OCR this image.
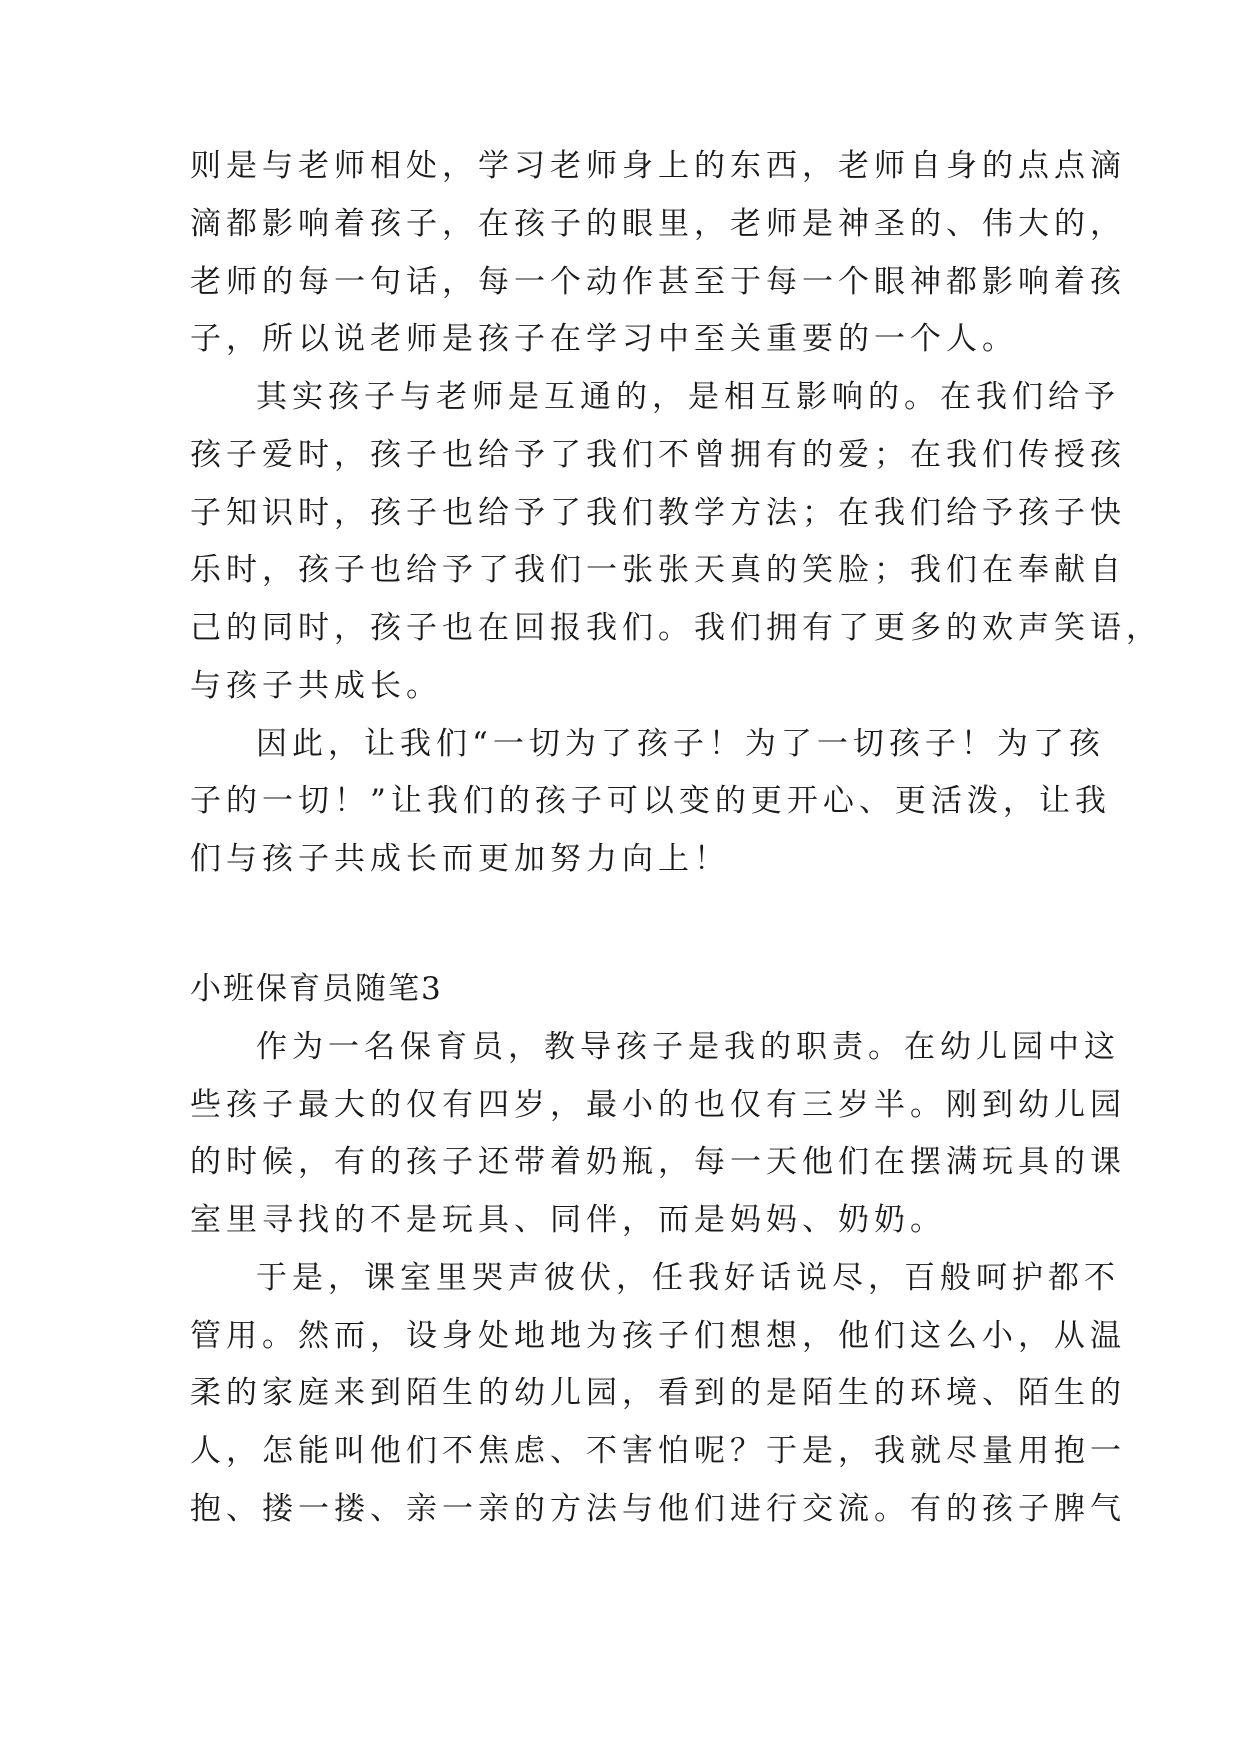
则是与老师相处，学习老师身上的东西，老师自身的点点滴
滴都影响着孩子，在孩子的眼里，老师是神圣的、伟大的，
老师的每一句话，每一个动作甚至于每一个眼神都影响着孩
子，所以说老师是孩子在学习中至关重要的一个人。
其实孩子与老师是互通的，是相互影响的。在我们给予
孩子爱时，孩子也给予了我们不曾拥有的爱；在我们传授孩
子知识时，孩子也给予了我们教学方法；在我们给予孩子快
乐时，孩子也给予了我们一张张天真的笑脸；我们在奉献自
己的同时，孩子也在回报我们。我们拥有了更多的欢声笑语，
与孩子共成长。
因此，让我们“一切为了孩子！为了一切孩子！为了孩
子的一切！”让我们的孩子可以变的更开心、更活泼，让我
们与孩子共成长而更加努力向上！
小班保育员随笔3
作为一名保育员，教导孩子是我的职责。在幼儿园中这
些孩子最大的仅有四岁，最小的也仅有三岁半。刚到幼儿园
的时候，有的孩子还带着奶瓶，每一天他们在摆满玩具的课
室里寻找的不是玩具、同伴，而是妈妈、奶奶。
于是，课室里哭声彼伏，任我好话说尽，百般呵护都不
管用。然而，设身处地地为孩子们想想，他们这么小，从温
柔的家庭来到陌生的幼儿园，看到的是陌生的环境、陌生的
人，怎能叫他们不焦虑、不害怕呢？于是，我就尽量用抱一
抱、搂一搂、亲一亲的方法与他们进行交流。有的孩子脾气
